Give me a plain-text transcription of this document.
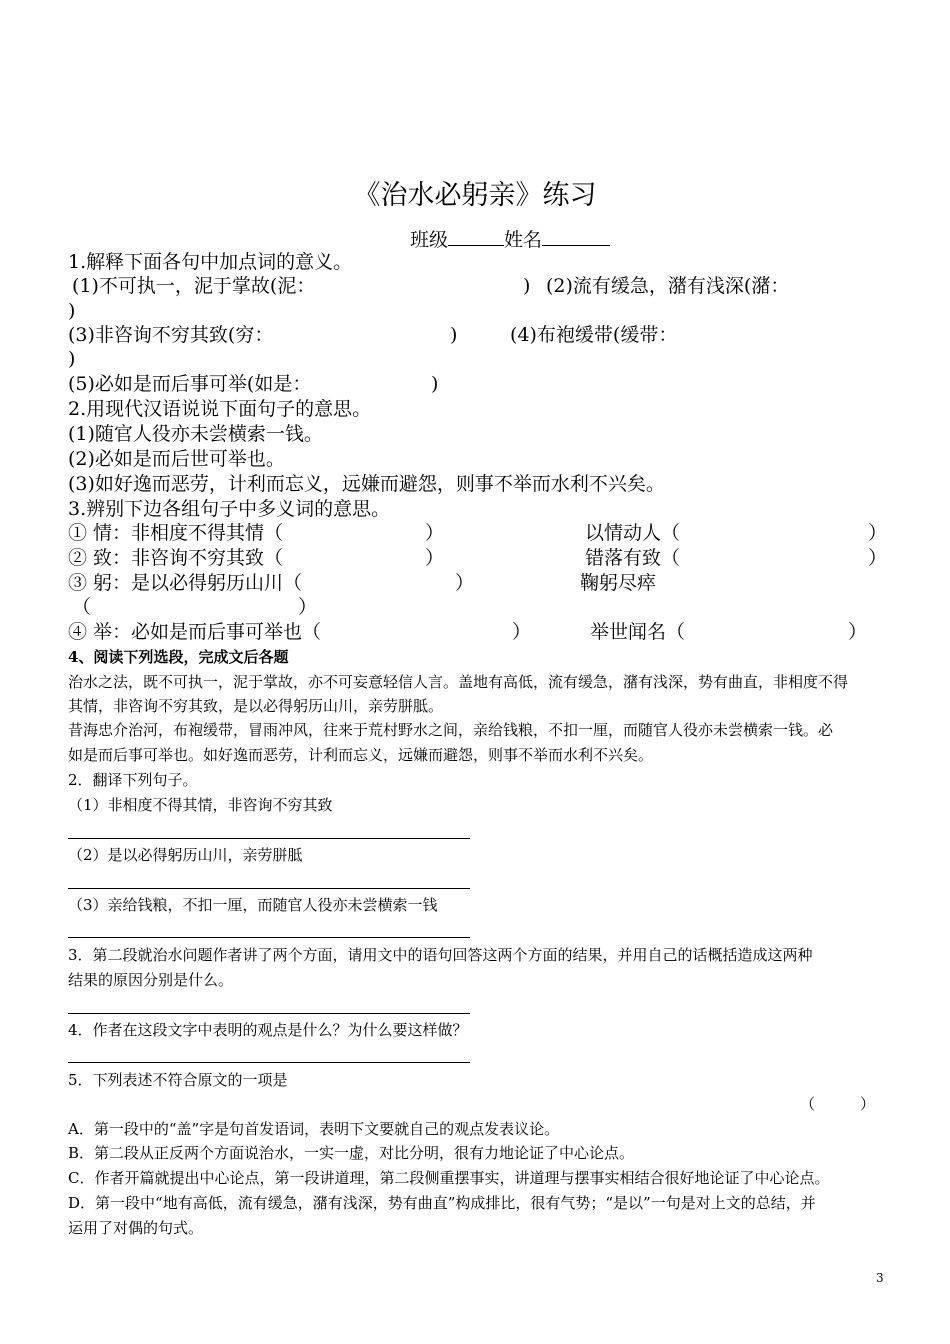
《治水必躬亲》练习
班级	姓名
1.解释下面各句中加点词的意义。
(1)不可执一，泥于掌故(泥：	) (2)流有缓急，潴有浅深(潴：
)
(3)非咨询不穷其致(穷：	)	(4)布袍缓带(缓带：
)
(5)必如是而后事可举(如是：	)
2.用现代汉语说说下面句子的意思。
(1)随官人役亦未尝横索一钱。
(2)必如是而后世可举也。
(3)如好逸而恶劳，计利而忘义，远嫌而避怨，则事不举而水利不兴矣。
3.辨别下边各组句子中多义词的意思。
① 情：非相度不得其情（	）	以情动人（	）
② 致：非咨询不穷其致（	）	错落有致（	）
③ 躬：是以必得躬历山川（	）	鞠躬尽瘁
（	）
④ 举：必如是而后事可举也（	）	举世闻名（	）
4、阅读下列选段，完成文后各题
治水之法，既不可执一，泥于掌故，亦不可妄意轻信人言。盖地有高低，流有缓急，潴有浅深，势有曲直，非相度不得
其情，非咨询不穷其致，是以必得躬历山川，亲劳胼胝。
昔海忠介治河，布袍缓带，冒雨冲风，往来于荒村野水之间，亲给钱粮，不扣一厘，而随官人役亦未尝横索一钱。必
如是而后事可举也。如好逸而恶劳，计利而忘义，远嫌而避怨，则事不举而水利不兴矣。
2．翻译下列句子。
（1）非相度不得其情，非咨询不穷其致
（2）是以必得躬历山川，亲劳胼胝
（3）亲给钱粮，不扣一厘，而随官人役亦未尝横索一钱
3．第二段就治水问题作者讲了两个方面，请用文中的语句回答这两个方面的结果，并用自己的话概括造成这两种
结果的原因分别是什么。
4．作者在这段文字中表明的观点是什么？为什么要这样做？
5．下列表述不符合原文的一项是
（　　　）
A．第一段中的“盖”字是句首发语词，表明下文要就自己的观点发表议论。
B．第二段从正反两个方面说治水，一实一虚，对比分明，很有力地论证了中心论点。
C．作者开篇就提出中心论点，第一段讲道理，第二段侧重摆事实，讲道理与摆事实相结合很好地论证了中心论点。
D．第一段中“地有高低，流有缓急，潴有浅深，势有曲直”构成排比，很有气势；“是以”一句是对上文的总结，并
运用了对偶的句式。
3
